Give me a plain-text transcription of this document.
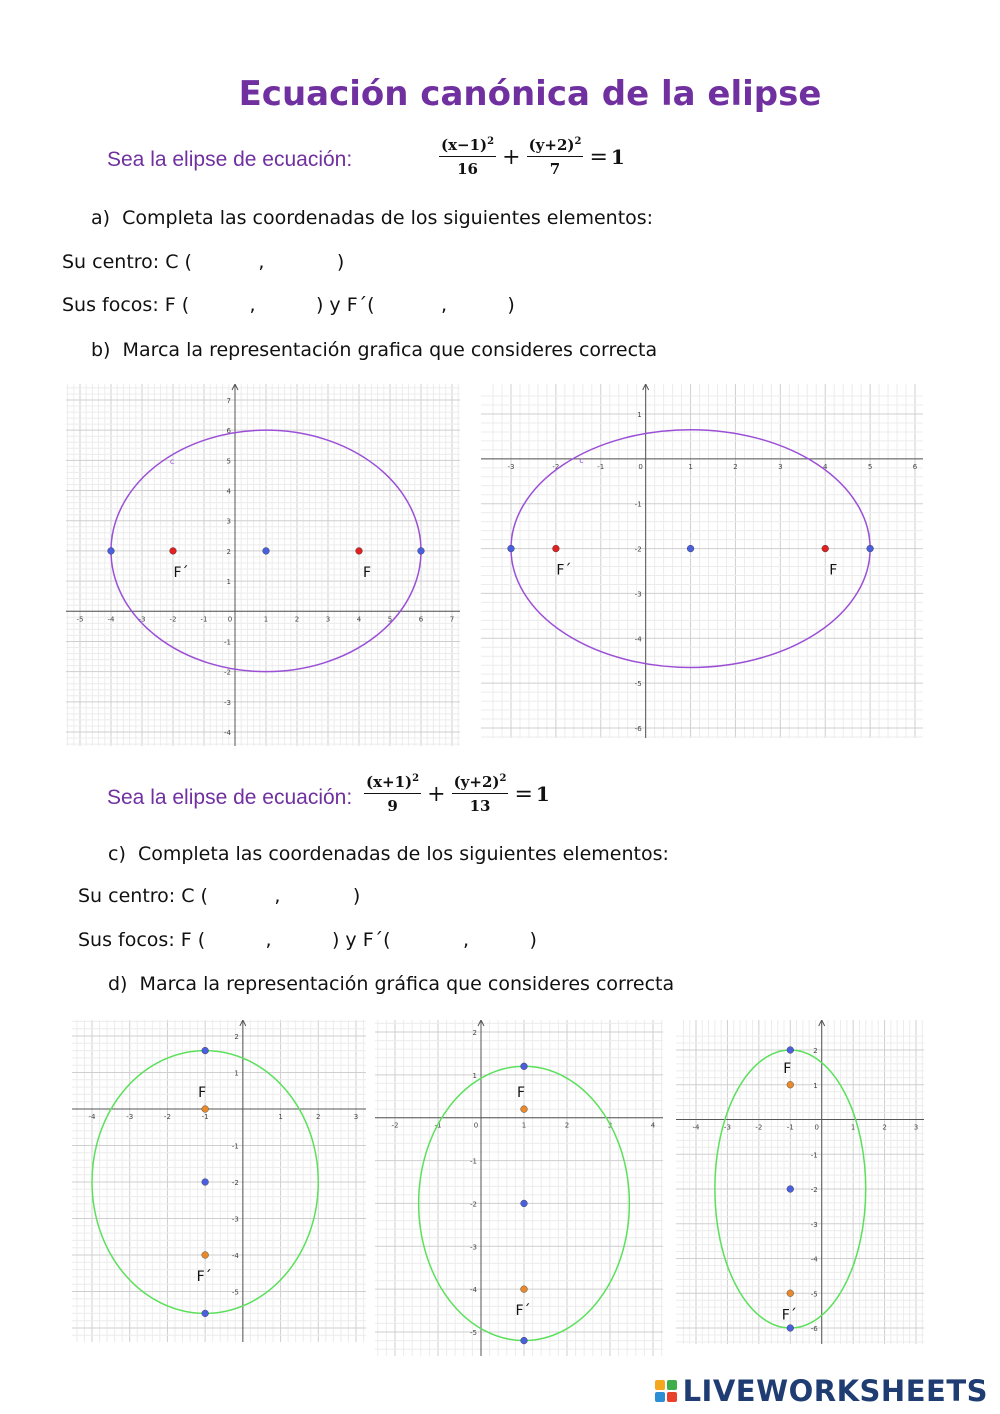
Ecuación canónica de la elipse
Sea la elipse de ecuación:	$\frac{(x-1)^2}{16} + \frac{(y+2)^2}{7} = 1$
a)  Completa las coordenadas de los siguientes elementos:
Su centro: C (           ,            )
Sus focos: F (          ,          ) y F´(           ,          )
b)  Marca la representación grafica que consideres correcta
-5	-4	-3	-2	-1	0	1	2	3	4	5	6	7
-4
-3
-2
-1
1
2
3
4
5
6
7
c
F´	F
-3	-2	-1	0	1	2	3	4	5	6
-6
-5
-4
-3
-2
-1
1
c
F´	F
Sea la elipse de ecuación: $\frac{(x+1)^2}{9} + \frac{(y+2)^2}{13} = 1$
c)  Completa las coordenadas de los siguientes elementos:
Su centro: C (           ,            )
Sus focos: F (          ,          ) y F´(            ,          )
d)  Marca la representación gráfica que consideres correcta
-4	-3	-2	-1	1	2	3
-5
-4
-3
-2
-1
1
2
F
F´
-2	-1	0	1	2	3	4
-5
-4
-3
-2
-1
1
2
F
F´
-4	-3	-2	-1	0	1	2	3
-6
-5
-4
-3
-2
-1
1
2
F
F´
LIVEWORKSHEETS
